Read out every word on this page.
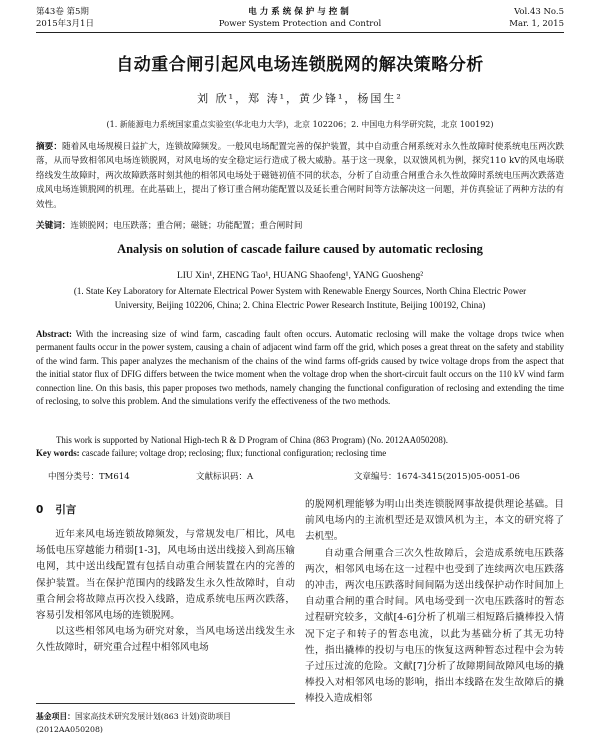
第43卷 第5期
2015年3月1日
电力系统保护与控制
Power System Protection and Control
Vol.43 No.5
Mar. 1, 2015
自动重合闸引起风电场连锁脱网的解决策略分析
刘 欣¹，郑 涛¹，黄少锋¹，杨国生²
(1. 新能源电力系统国家重点实验室(华北电力大学)，北京 102206；2. 中国电力科学研究院，北京 100192)
摘要：随着风电场规模日益扩大，连锁故障频发。一般风电场配置完善的保护装置，其中自动重合闸系统对永久性故障时使系统电压两次跌落，从而导致相邻风电场连锁脱网，对风电场的安全稳定运行造成了极大威胁。基于这一现象，以双馈风机为例，探究110 kV的风电场联络线发生故障时，两次故障跌落时刻其他的相邻风电场处于磁链初值不同的状态，分析了自动重合闸重合永久性故障时系统电压两次跌落造成风电场连锁脱网的机理。在此基础上，提出了修订重合闸功能配置以及延长重合闸时间等方法解决这一问题，并仿真验证了两种方法的有效性。
关键词：连锁脱网；电压跌落；重合闸；磁链；功能配置；重合闸时间
Analysis on solution of cascade failure caused by automatic reclosing
LIU Xin¹, ZHENG Tao¹, HUANG Shaofeng¹, YANG Guosheng²
(1. State Key Laboratory for Alternate Electrical Power System with Renewable Energy Sources, North China Electric Power University, Beijing 102206, China; 2. China Electric Power Research Institute, Beijing 100192, China)
Abstract: With the increasing size of wind farm, cascading fault often occurs. Automatic reclosing will make the voltage drops twice when permanent faults occur in the power system, causing a chain of adjacent wind farm off the grid, which poses a great threat on the safety and stability of the wind farm. This paper analyzes the mechanism of the chains of the wind farms off-grids caused by twice voltage drops from the aspect that the initial stator flux of DFIG differs between the twice moment when the voltage drop when the short-circuit fault occurs on the 110 kV wind farm connection line. On this basis, this paper proposes two methods, namely changing the functional configuration of reclosing and extending the time of reclosing, to solve this problem. And the simulations verify the effectiveness of the two methods.
This work is supported by National High-tech R & D Program of China (863 Program) (No. 2012AA050208).
Key words: cascade failure; voltage drop; reclosing; flux; functional configuration; reclosing time
中图分类号：TM614	文献标识码：A	文章编号：1674-3415(2015)05-0051-06
0 引言

近年来风电场连锁故障频发，与常规发电厂相比，风电场低电压穿越能力稍弱[1-3]，风电场由送出线接入到高压输电网，其中送出线配置有包括自动重合闸装置在内的完善的保护装置。当在保护范围内的线路发生永久性故障时，自动重合闸会将故障点再次投入线路，造成系统电压两次跌落，容易引发相邻风电场的连锁脱网。

以这些相邻风电场为研究对象，当风电场送出线发生永久性故障时，研究重合过程中相邻风电场

的脱网机理能够为明山出类连锁脱网事故提供理论基础。目前风电场内的主流机型还是双馈风机为主，本文的研究将了去机型。

自动重合闸重合三次久性故障后，会造成系统电压跌落两次，相邻风电场在这一过程中也受到了连续两次电压跌落的冲击，两次电压跌落时间间隔为送出线保护动作时间加上自动重合闸的重合时间。风电场受到一次电压跌落时的暂态过程研究较多，文献[4-6]分析了机端三相短路后撬棒投入情况下定子和转子的暂态电流，以此为基础分析了其无功特性，指出撬棒的投切与电压的恢复这两种暂态过程中会为转子过压过流的危险。文献[7]分析了故障期间故障风电场的撬棒投入对相邻风电场的影响，指出本线路在发生故障后的撬棒投入造成相邻

基金项目：国家高技术研究发展计划(863 计划)资助项目(2012AA050208)
